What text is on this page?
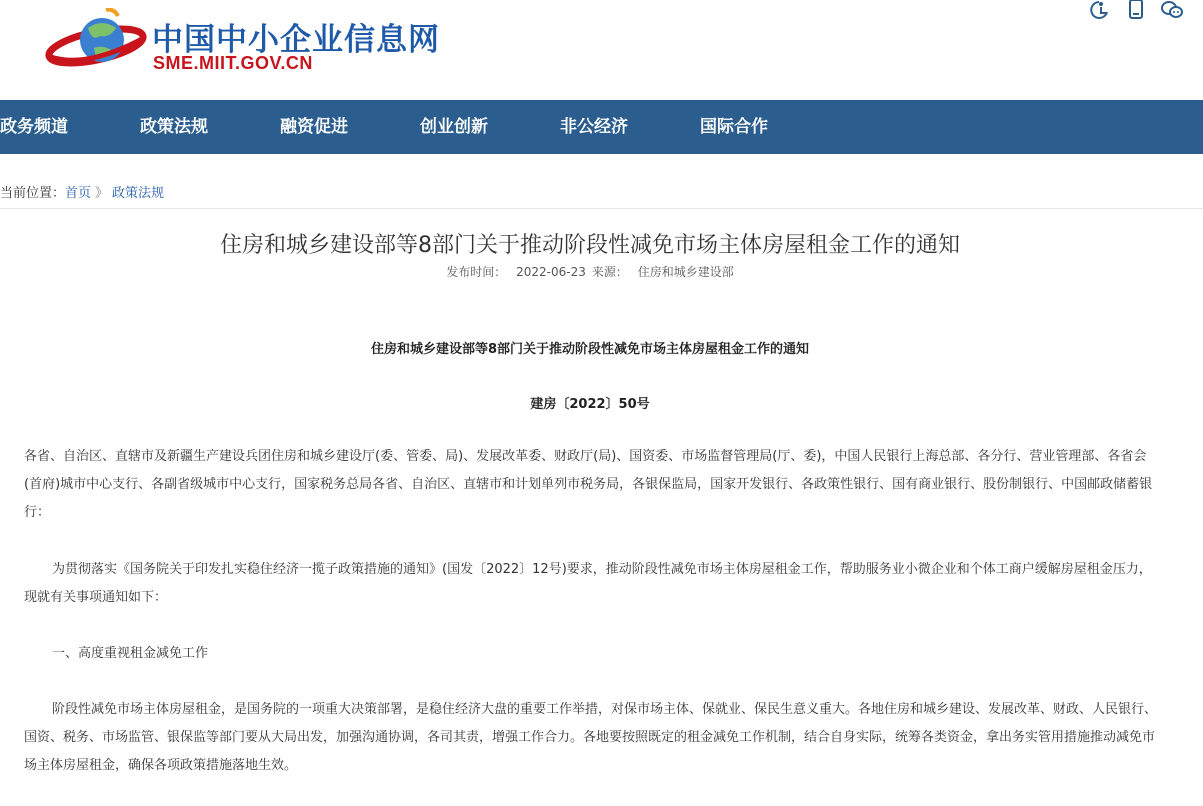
中国中小企业信息网
SME.MIIT.GOV.CN
政务频道	政策法规	融资促进	创业创新	非公经济	国际合作
当前位置：首页 》 政策法规
住房和城乡建设部等8部门关于推动阶段性减免市场主体房屋租金工作的通知
发布时间： 2022-06-23 来源： 住房和城乡建设部
住房和城乡建设部等8部门关于推动阶段性减免市场主体房屋租金工作的通知
建房〔2022〕50号

各省、自治区、直辖市及新疆生产建设兵团住房和城乡建设厅(委、管委、局)、发展改革委、财政厅(局)、国资委、市场监督管理局(厅、委)，中国人民银行上海总部、各分行、营业管理部、各省会(首府)城市中心支行、各副省级城市中心支行，国家税务总局各省、自治区、直辖市和计划单列市税务局，各银保监局，国家开发银行、各政策性银行、国有商业银行、股份制银行、中国邮政储蓄银行：

为贯彻落实《国务院关于印发扎实稳住经济一揽子政策措施的通知》(国发〔2022〕12号)要求，推动阶段性减免市场主体房屋租金工作，帮助服务业小微企业和个体工商户缓解房屋租金压力，现就有关事项通知如下：

一、高度重视租金减免工作

阶段性减免市场主体房屋租金，是国务院的一项重大决策部署，是稳住经济大盘的重要工作举措，对保市场主体、保就业、保民生意义重大。各地住房和城乡建设、发展改革、财政、人民银行、国资、税务、市场监管、银保监等部门要从大局出发，加强沟通协调，各司其责，增强工作合力。各地要按照既定的租金减免工作机制，结合自身实际，统筹各类资金，拿出务实管用措施推动减免市场主体房屋租金，确保各项政策措施落地生效。
